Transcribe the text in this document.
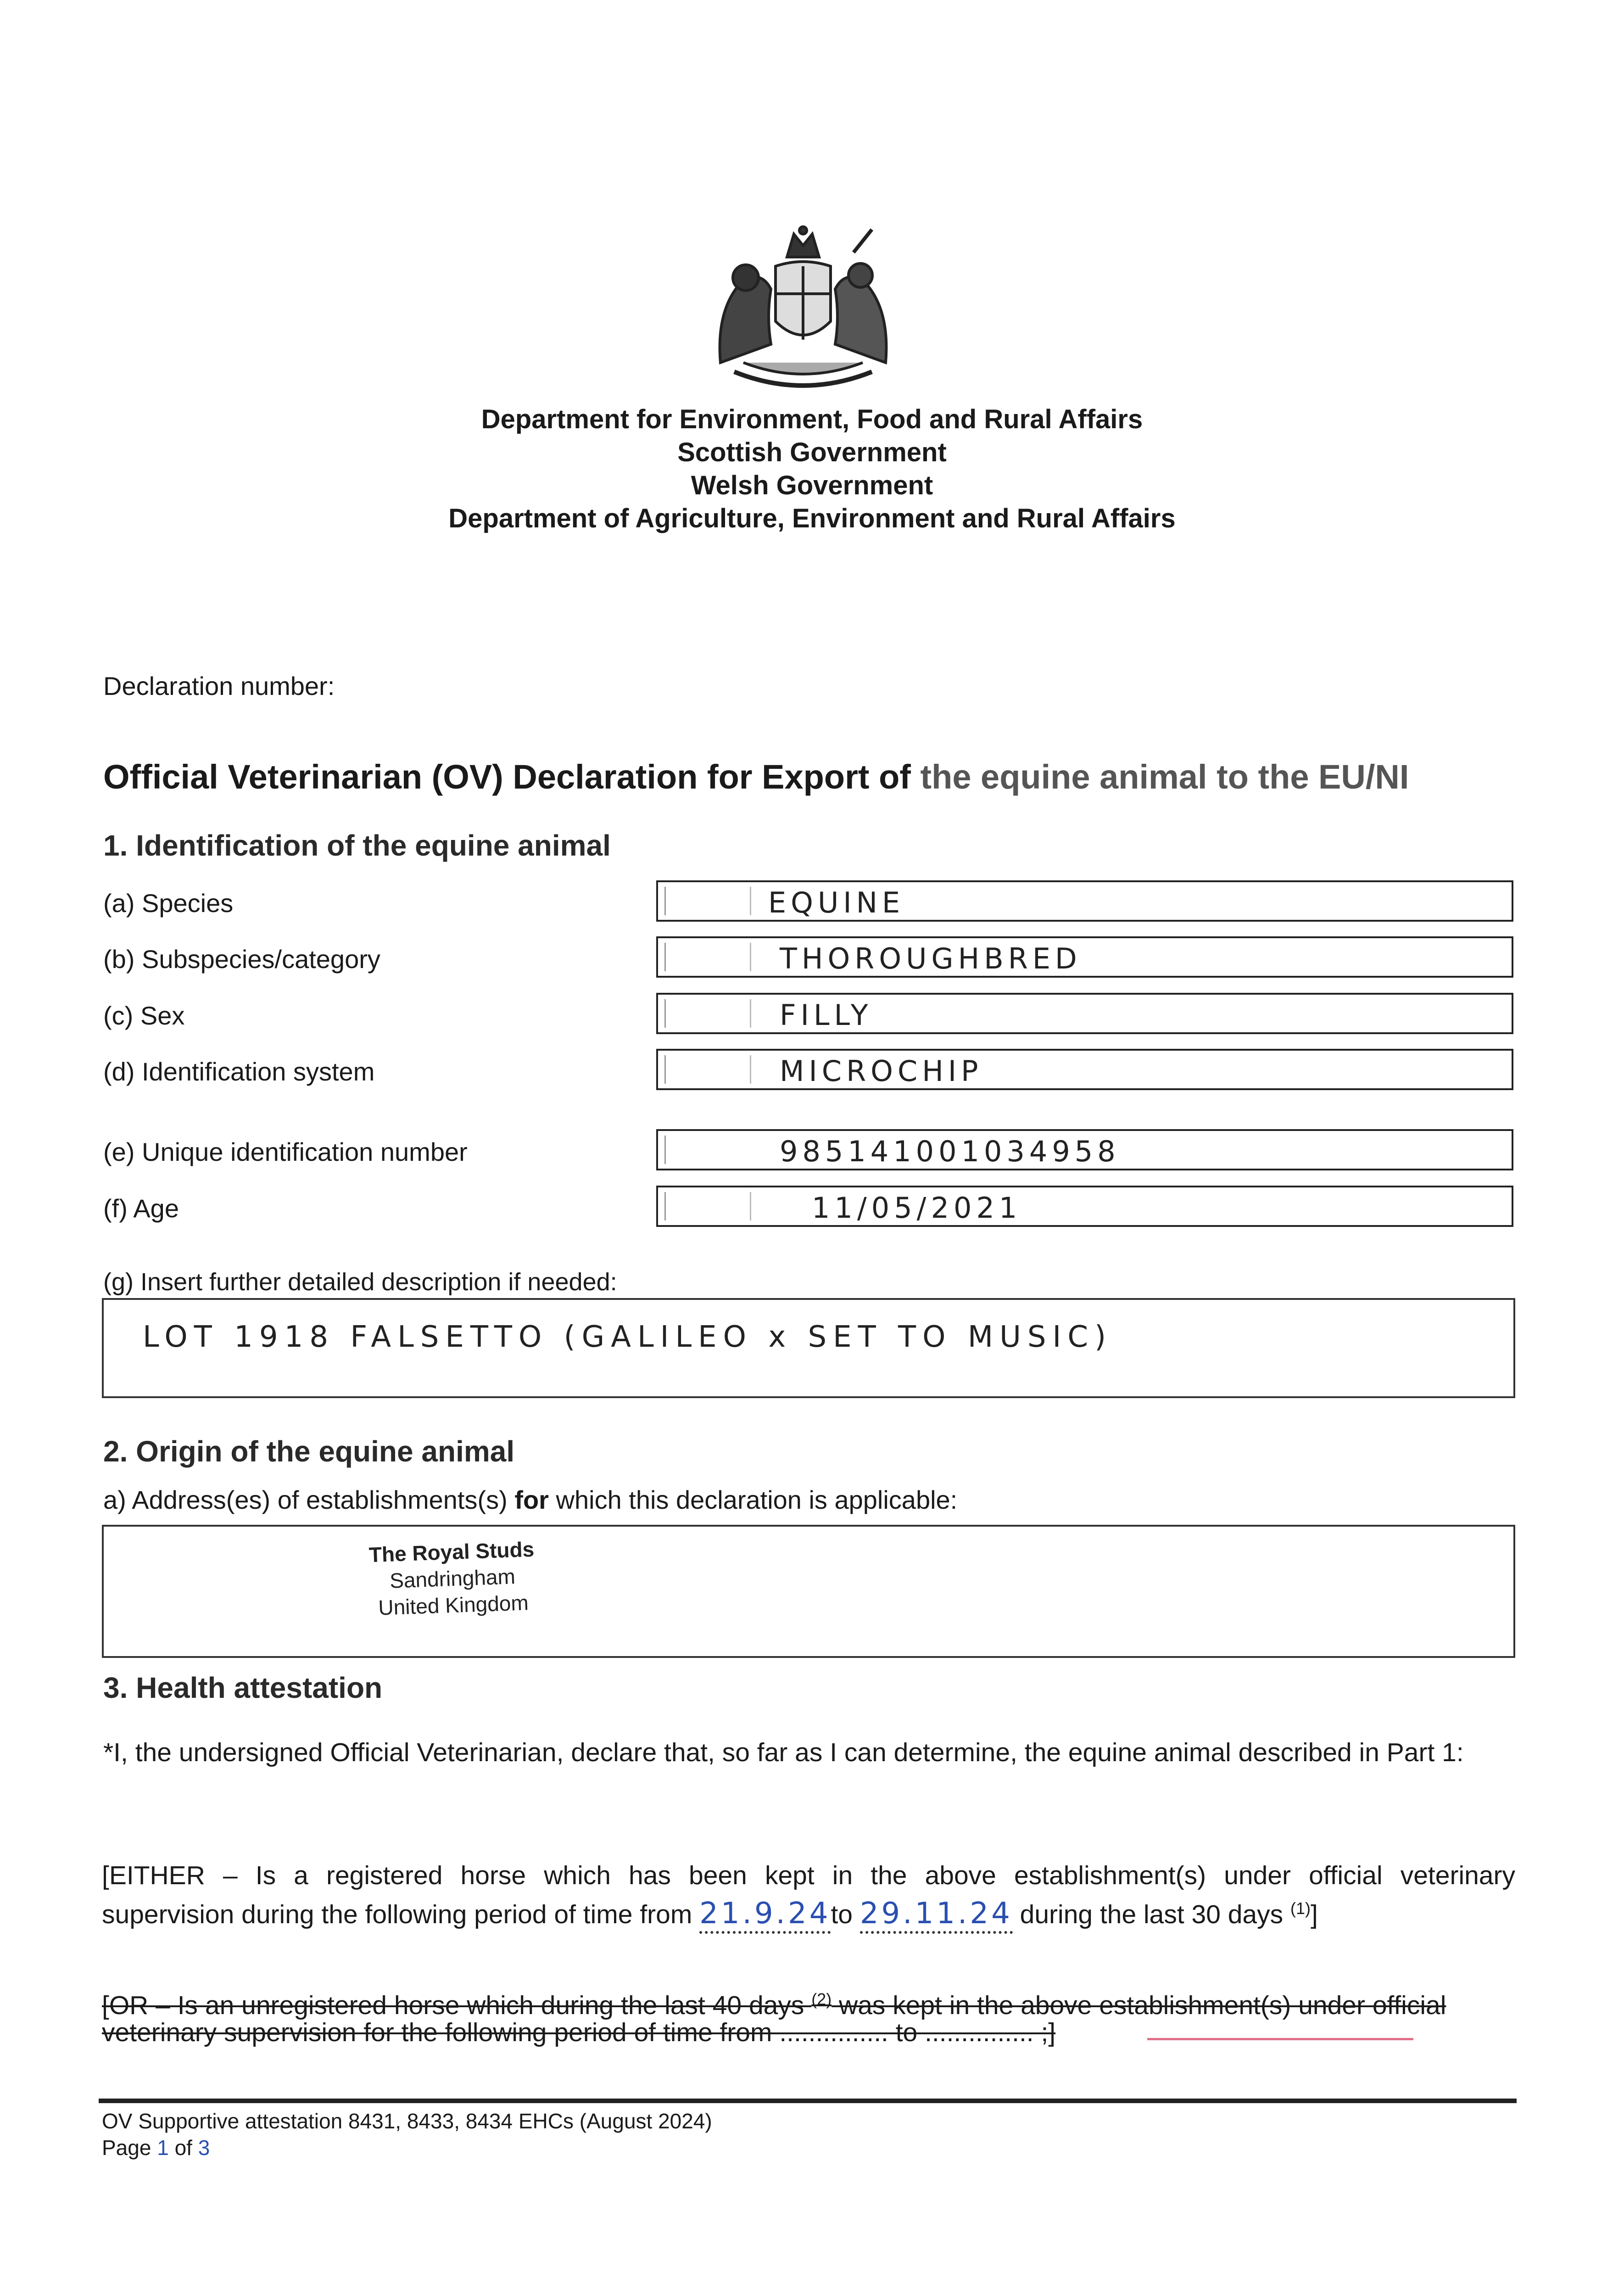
Department for Environment, Food and Rural Affairs
Scottish Government
Welsh Government
Department of Agriculture, Environment and Rural Affairs
Declaration number:
Official Veterinarian (OV) Declaration for Export of the equine animal to the EU/NI
1. Identification of the equine animal
(a) Species	EQUINE
(b) Subspecies/category	THOROUGHBRED
(c) Sex	FILLY
(d) Identification system	MICROCHIP
(e) Unique identification number	985141001034958
(f) Age	11/05/2021
(g) Insert further detailed description if needed:
LOT 1918 FALSETTO (GALILEO x SET TO MUSIC)
2. Origin of the equine animal
a) Address(es) of establishments(s) for which this declaration is applicable:
The Royal Studs
Sandringham
United Kingdom
3. Health attestation
*I, the undersigned Official Veterinarian, declare that, so far as I can determine, the equine animal described in Part 1:
[EITHER – Is a registered horse which has been kept in the above establishment(s) under official veterinary
supervision during the following period of time from 21.9.24to 29.11.24 during the last 30 days $^{(1)}$]
[OR – Is an unregistered horse which during the last 40 days $^{(2)}$ was kept in the above establishment(s) under official
veterinary supervision for the following period of time from ............... to ............... ;]
OV Supportive attestation 8431, 8433, 8434 EHCs (August 2024)
Page 1 of 3
